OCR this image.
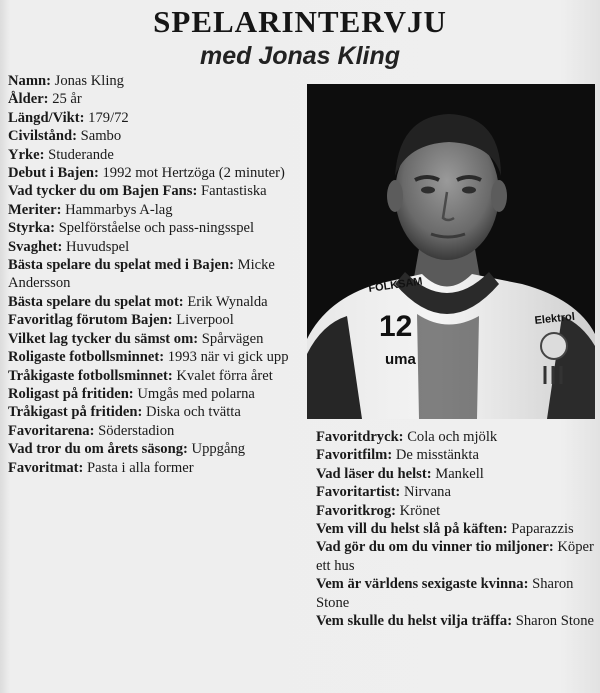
SPELARINTERVJU
med Jonas Kling

Namn: Jonas Kling

Ålder: 25 år

Längd/Vikt: 179/72

Civilstånd: Sambo

Yrke: Studerande

Debut i Bajen: 1992 mot Hertzöga (2 minuter)

Vad tycker du om Bajen Fans: Fantastiska

Meriter: Hammarbys A-lag

Styrka: Spelförståelse och pass-ningsspel

Svaghet: Huvudspel

Bästa spelare du spelat med i Bajen: Micke Andersson

Bästa spelare du spelat mot: Erik Wynalda

Favoritlag förutom Bajen: Liverpool

Vilket lag tycker du sämst om: Spårvägen

Roligaste fotbollsminnet: 1993 när vi gick upp

Tråkigaste fotbollsminnet: Kvalet förra året

Roligast på fritiden: Umgås med polarna

Tråkigast på fritiden: Diska och tvätta

Favoritarena: Söderstadion

Vad tror du om årets säsong: Uppgång

Favoritmat: Pasta i alla former

FOLKSAM
12
uma
Elektrol

Favoritdryck: Cola och mjölk

Favoritfilm: De misstänkta

Vad läser du helst: Mankell

Favoritartist: Nirvana

Favoritkrog: Krönet

Vem vill du helst slå på käften: Paparazzis

Vad gör du om du vinner tio miljoner: Köper ett hus

Vem är världens sexigaste kvinna: Sharon Stone

Vem skulle du helst vilja träffa: Sharon Stone
